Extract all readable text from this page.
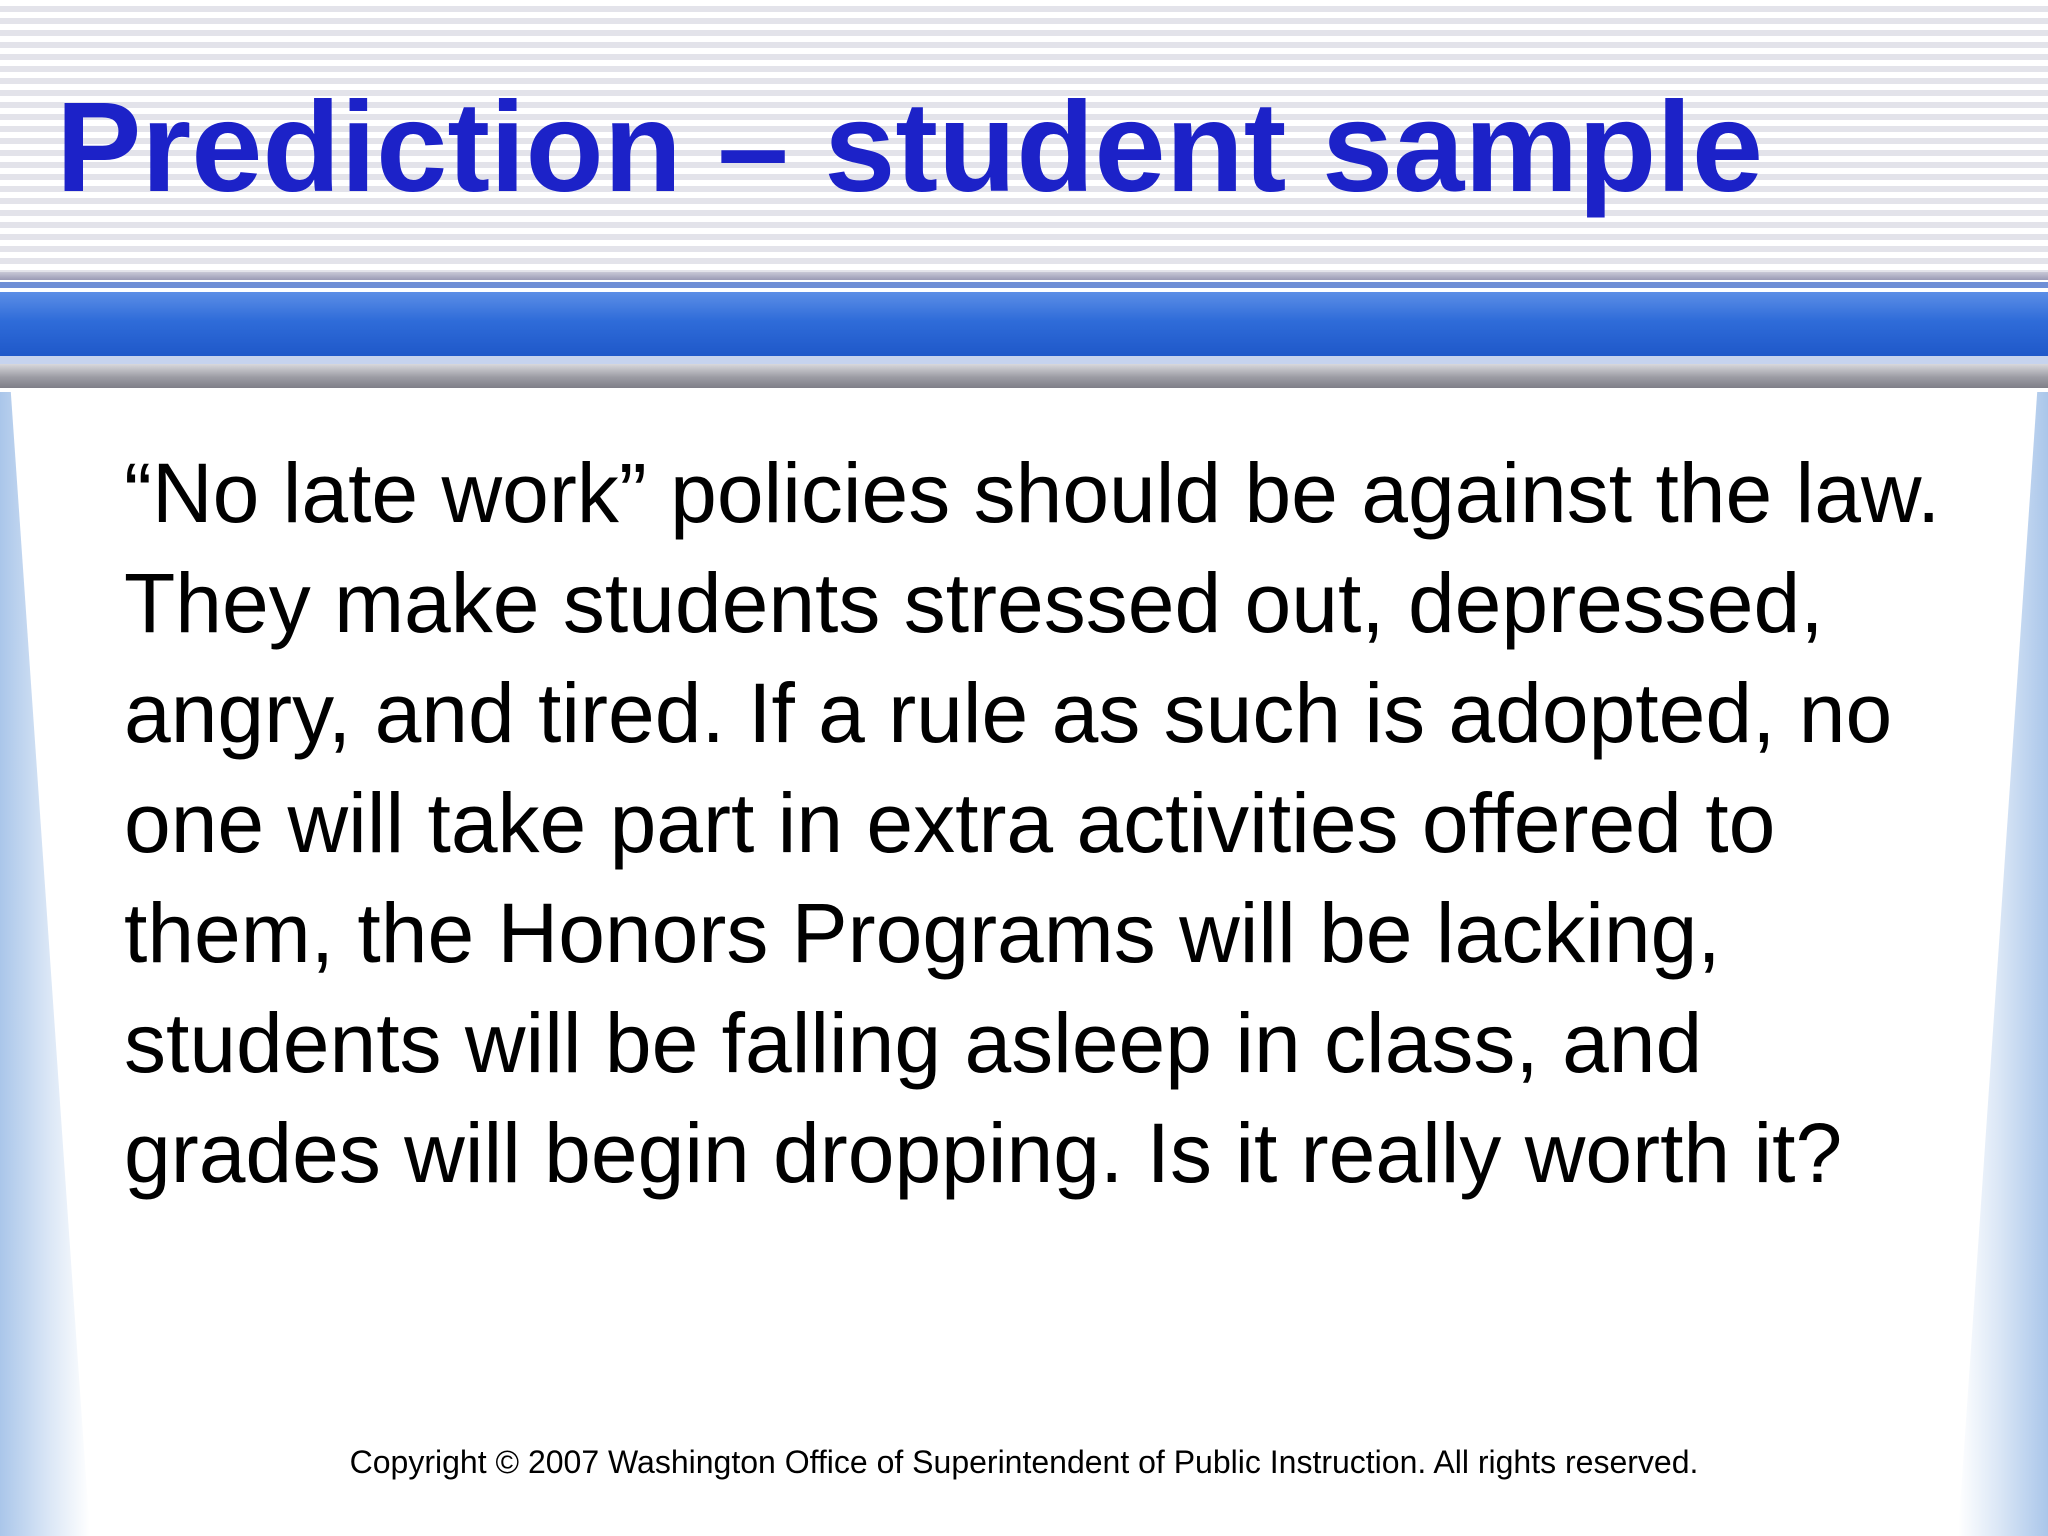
Prediction – student sample

“No late work” policies should be against the law. They make students stressed out, depressed, angry, and tired. If a rule as such is adopted, no one will take part in extra activities offered to them, the Honors Programs will be lacking, students will be falling asleep in class, and grades will begin dropping. Is it really worth it?

Copyright © 2007 Washington Office of Superintendent of Public Instruction. All rights reserved.
